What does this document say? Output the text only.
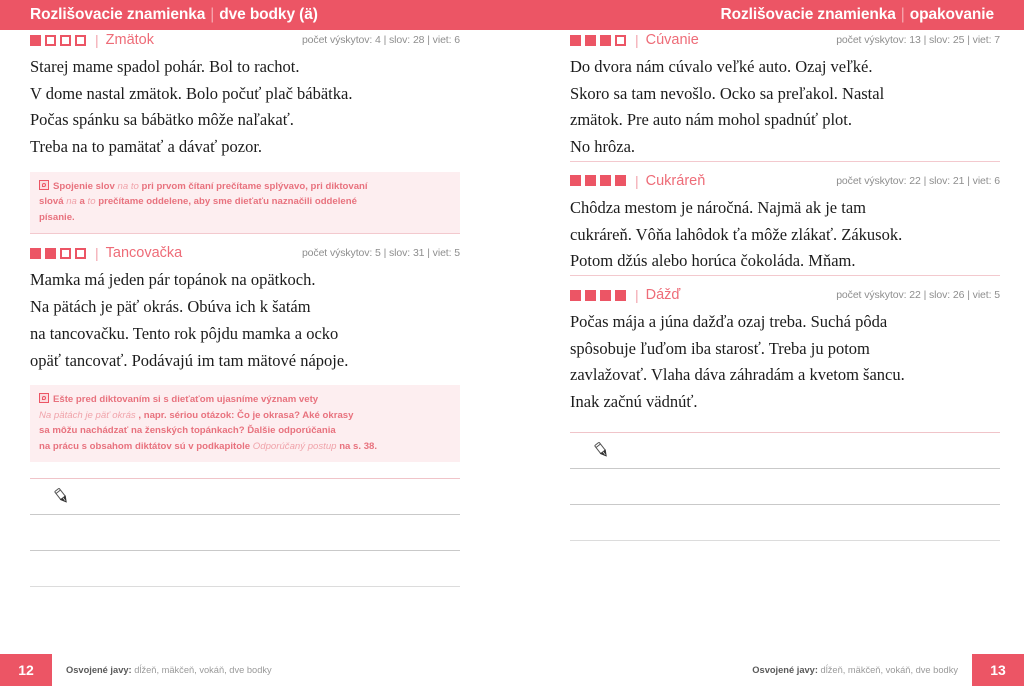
Rozlišovacie znamienka | dve bodky (ä)	Rozlišovacie znamienka | opakovanie
| Zmätok	počet výskytov: 4 | slov: 28 | viet: 6
Starej mame spadol pohár. Bol to rachot.
V dome nastal zmätok. Bolo počuť plač bábätka.
Počas spánku sa bábätko môže naľakať.
Treba na to pamätať a dávať pozor.
Spojenie slov na to pri prvom čítaní prečítame splývavo, pri diktovaní
slová na a to prečítame oddelene, aby sme dieťaťu naznačili oddelené
písanie.
| Tancovačka	počet výskytov: 5 | slov: 31 | viet: 5
Mamka má jeden pár topánok na opätkoch.
Na pätách je päť okrás. Obúva ich k šatám
na tancovačku. Tento rok pôjdu mamka a ocko
opäť tancovať. Podávajú im tam mätové nápoje.
Ešte pred diktovaním si s dieťaťom ujasníme význam vety
Na pätách je päť okrás , napr. sériou otázok: Čo je okrasa? Aké okrasy
sa môžu nachádzať na ženských topánkach? Ďalšie odporúčania
na prácu s obsahom diktátov sú v podkapitole Odporúčaný postup na s. 38.
| Cúvanie	počet výskytov: 13 | slov: 25 | viet: 7
Do dvora nám cúvalo veľké auto. Ozaj veľké.
Skoro sa tam nevošlo. Ocko sa preľakol. Nastal
zmätok. Pre auto nám mohol spadnúť plot.
No hrôza.
| Cukráreň	počet výskytov: 22 | slov: 21 | viet: 6
Chôdza mestom je náročná. Najmä ak je tam
cukráreň. Vôňa lahôdok ťa môže zlákať. Zákusok.
Potom džús alebo horúca čokoláda. Mňam.
| Dážď	počet výskytov: 22 | slov: 26 | viet: 5
Počas mája a júna dažďa ozaj treba. Suchá pôda
spôsobuje ľuďom iba starosť. Treba ju potom
zavlažovať. Vlaha dáva záhradám a kvetom šancu.
Inak začnú vädnúť.
12	Osvojené javy: dĺžeň, mäkčeň, vokáň, dve bodky	Osvojené javy: dĺžeň, mäkčeň, vokáň, dve bodky	13
